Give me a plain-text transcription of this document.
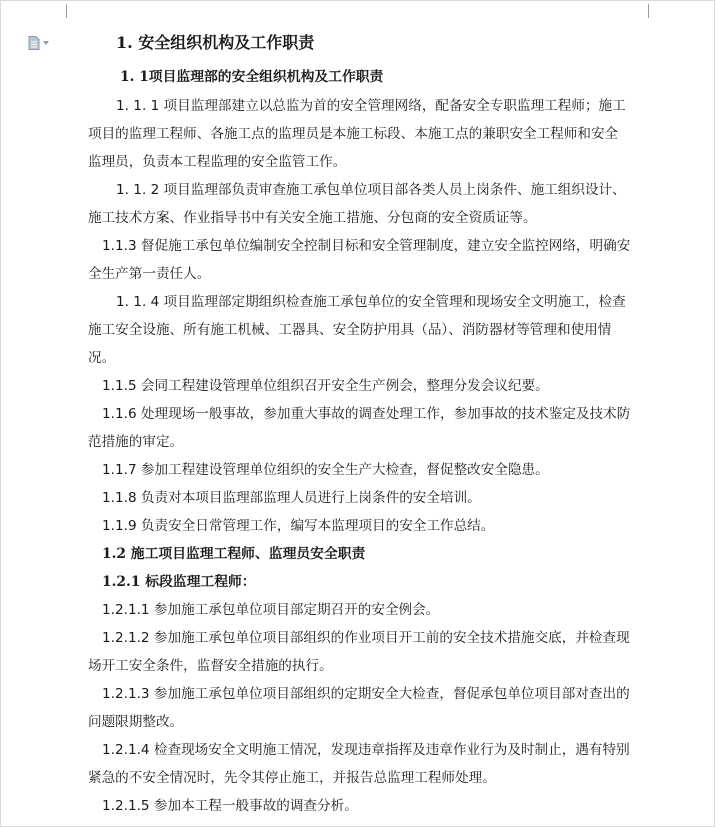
1. 安全组织机构及工作职责
1. 1项目监理部的安全组织机构及工作职责
1. 1. 1 项目监理部建立以总监为首的安全管理网络，配备安全专职监理工程师；施工
项目的监理工程师、各施工点的监理员是本施工标段、本施工点的兼职安全工程师和安全
监理员，负责本工程监理的安全监管工作。
1. 1. 2 项目监理部负责审查施工承包单位项目部各类人员上岗条件、施工组织设计、
施工技术方案、作业指导书中有关安全施工措施、分包商的安全资质证等。
1.1.3 督促施工承包单位编制安全控制目标和安全管理制度，建立安全监控网络，明确安
全生产第一责任人。
1. 1. 4 项目监理部定期组织检查施工承包单位的安全管理和现场安全文明施工，检查
施工安全设施、所有施工机械、工器具、安全防护用具（品）、消防器材等管理和使用情
况。
1.1.5 会同工程建设管理单位组织召开安全生产例会，整理分发会议纪要。
1.1.6 处理现场一般事故，参加重大事故的调查处理工作，参加事故的技术鉴定及技术防
范措施的审定。
1.1.7 参加工程建设管理单位组织的安全生产大检查，督促整改安全隐患。
1.1.8 负责对本项目监理部监理人员进行上岗条件的安全培训。
1.1.9 负责安全日常管理工作，编写本监理项目的安全工作总结。
1.2 施工项目监理工程师、监理员安全职责
1.2.1 标段监理工程师：
1.2.1.1 参加施工承包单位项目部定期召开的安全例会。
1.2.1.2 参加施工承包单位项目部组织的作业项目开工前的安全技术措施交底，并检查现
场开工安全条件，监督安全措施的执行。
1.2.1.3 参加施工承包单位项目部组织的定期安全大检查，督促承包单位项目部对查出的
问题限期整改。
1.2.1.4 检查现场安全文明施工情况，发现违章指挥及违章作业行为及时制止，遇有特别
紧急的不安全情况时，先令其停止施工，并报告总监理工程师处理。
1.2.1.5 参加本工程一般事故的调查分析。
